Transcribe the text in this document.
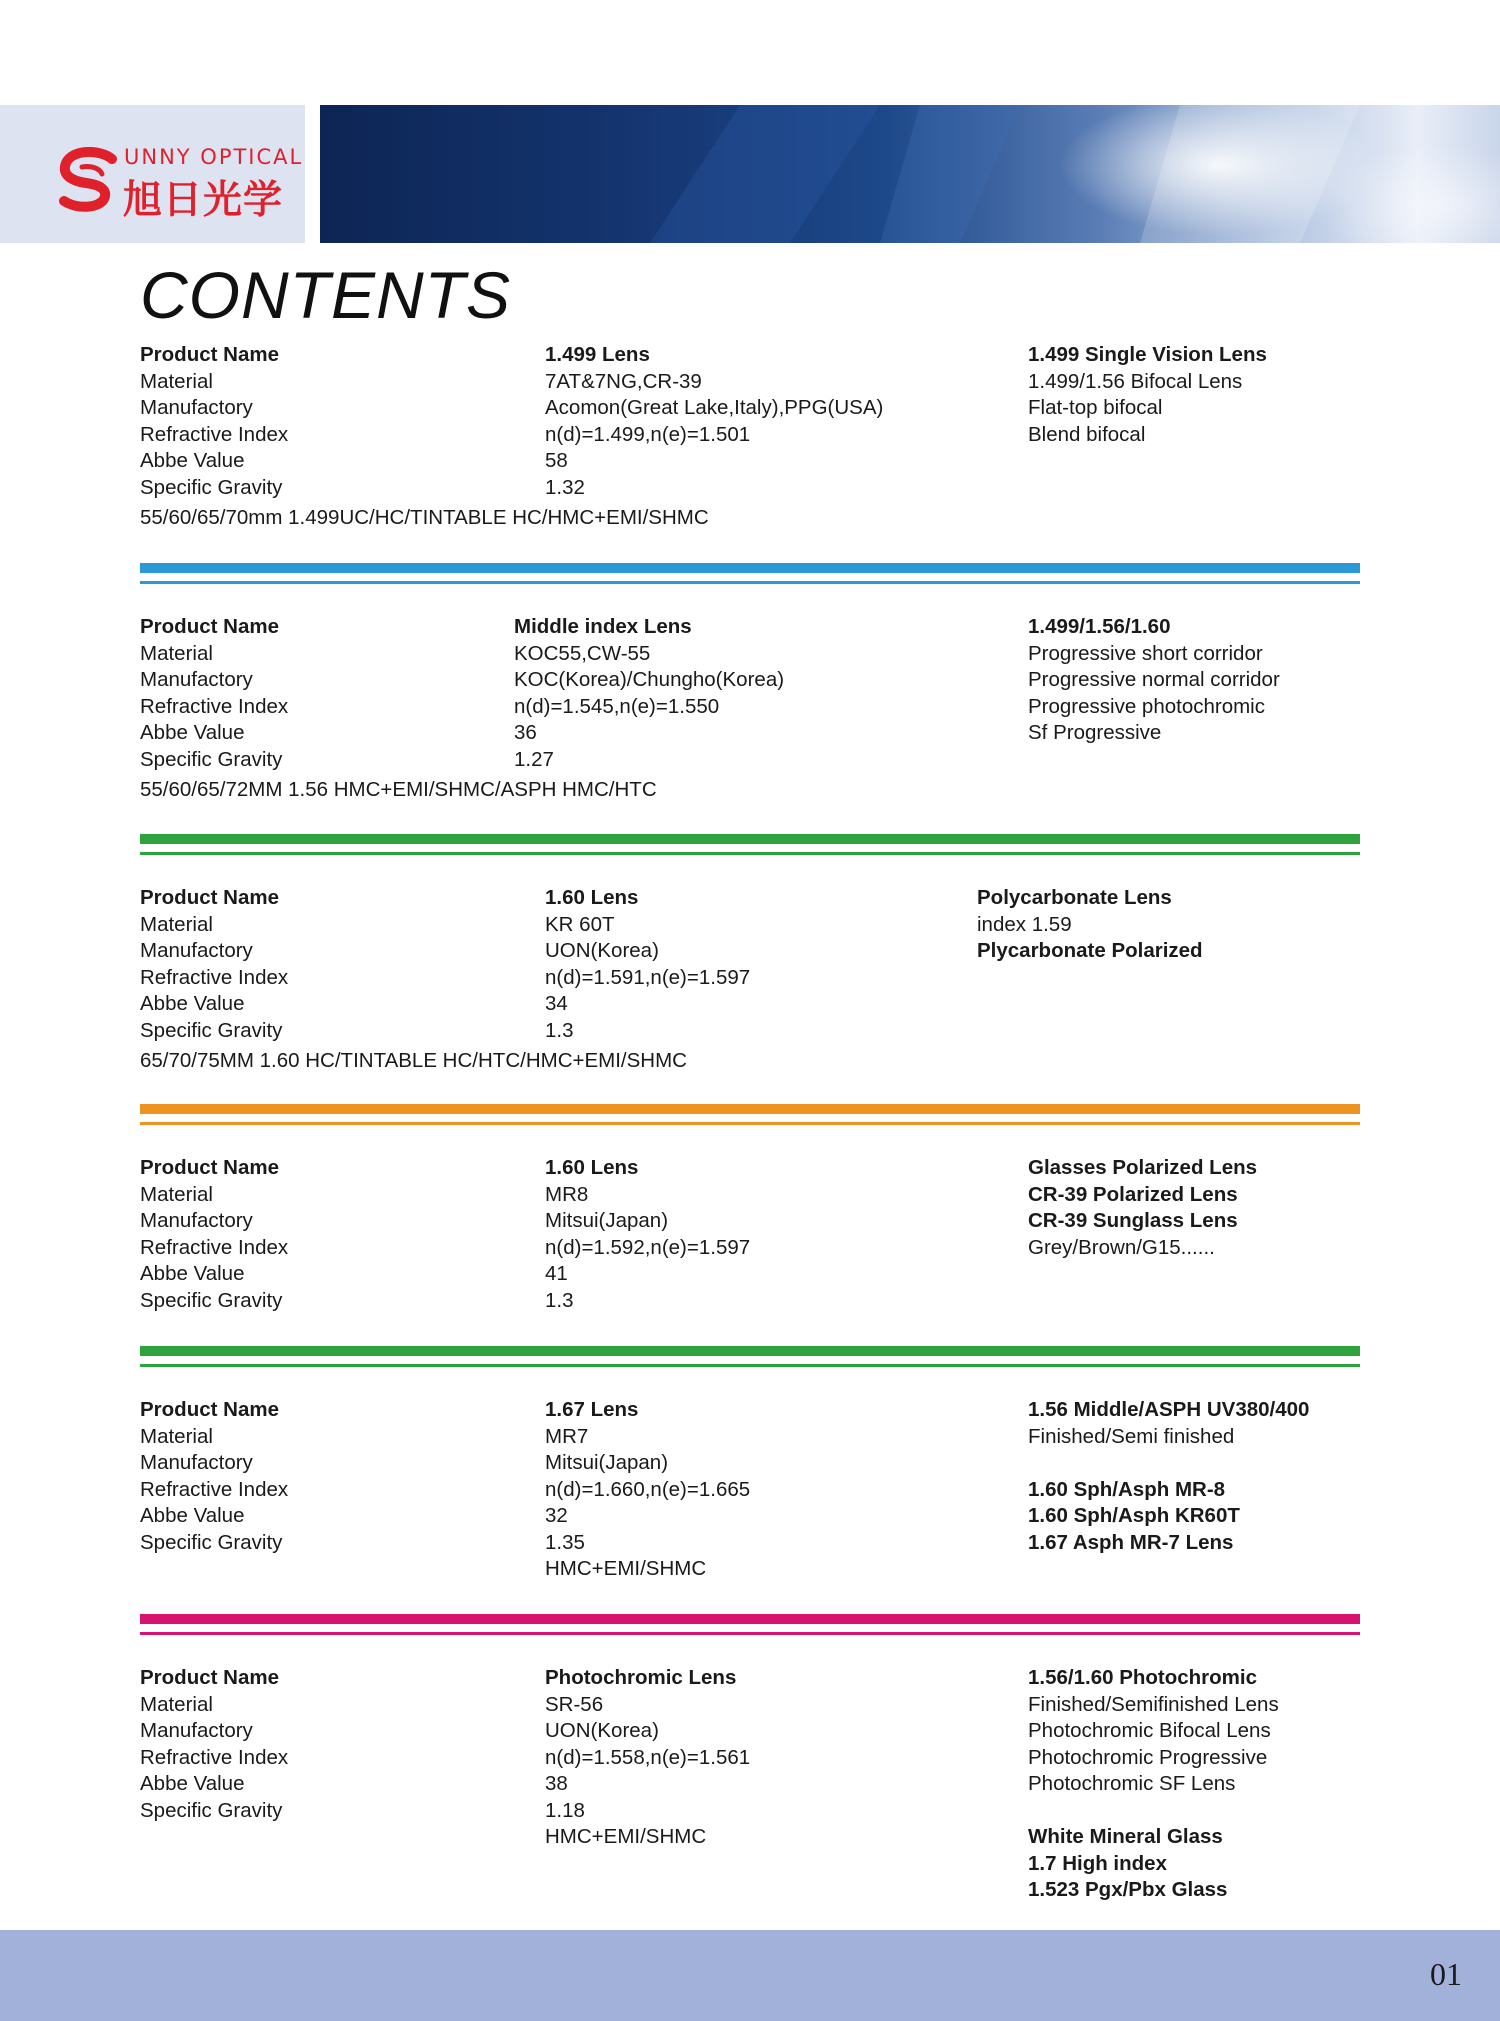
UNNY OPTICAL
旭日光学
CONTENTS
Product Name
Material
Manufactory
Refractive Index
Abbe Value
Specific Gravity
1.499 Lens
7AT&7NG,CR-39
Acomon(Great Lake,Italy),PPG(USA)
n(d)=1.499,n(e)=1.501
58
1.32
55/60/65/70mm 1.499UC/HC/TINTABLE HC/HMC+EMI/SHMC
1.499 Single Vision Lens
1.499/1.56 Bifocal Lens
Flat-top bifocal
Blend bifocal
Product Name
Material
Manufactory
Refractive Index
Abbe Value
Specific Gravity
Middle index Lens
KOC55,CW-55
KOC(Korea)/Chungho(Korea)
n(d)=1.545,n(e)=1.550
36
1.27
55/60/65/72MM 1.56 HMC+EMI/SHMC/ASPH HMC/HTC
1.499/1.56/1.60
Progressive short corridor
Progressive normal corridor
Progressive photochromic
Sf Progressive
Product Name
Material
Manufactory
Refractive Index
Abbe Value
Specific Gravity
1.60 Lens
KR 60T
UON(Korea)
n(d)=1.591,n(e)=1.597
34
1.3
65/70/75MM 1.60 HC/TINTABLE HC/HTC/HMC+EMI/SHMC
Polycarbonate Lens
index 1.59
Plycarbonate Polarized
Product Name
Material
Manufactory
Refractive Index
Abbe Value
Specific Gravity
1.60 Lens
MR8
Mitsui(Japan)
n(d)=1.592,n(e)=1.597
41
1.3
Glasses Polarized Lens
CR-39 Polarized Lens
CR-39 Sunglass Lens
Grey/Brown/G15......
Product Name
Material
Manufactory
Refractive Index
Abbe Value
Specific Gravity
1.67 Lens
MR7
Mitsui(Japan)
n(d)=1.660,n(e)=1.665
32
1.35
HMC+EMI/SHMC
1.56 Middle/ASPH UV380/400
Finished/Semi finished
1.60 Sph/Asph MR-8
1.60 Sph/Asph KR60T
1.67 Asph MR-7 Lens
Product Name
Material
Manufactory
Refractive Index
Abbe Value
Specific Gravity
Photochromic Lens
SR-56
UON(Korea)
n(d)=1.558,n(e)=1.561
38
1.18
HMC+EMI/SHMC
1.56/1.60 Photochromic
Finished/Semifinished Lens
Photochromic Bifocal Lens
Photochromic Progressive
Photochromic SF Lens
White Mineral Glass
1.7 High index
1.523 Pgx/Pbx Glass
01
